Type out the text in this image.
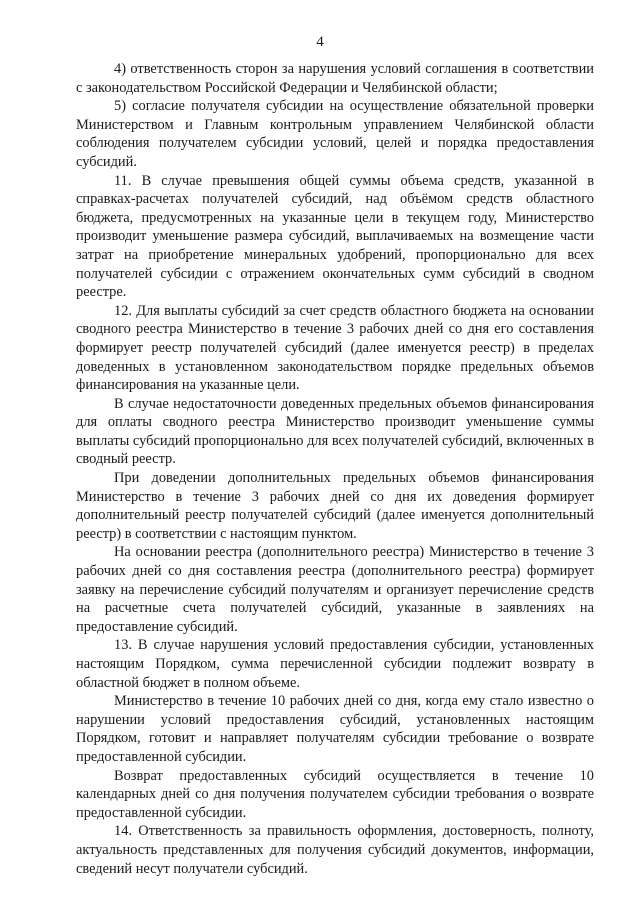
4

4) ответственность сторон за нарушения условий соглашения в соответствии с законодательством Российской Федерации и Челябинской области;

5) согласие получателя субсидии на осуществление обязательной проверки Министерством и Главным контрольным управлением Челябинской области соблюдения получателем субсидии условий, целей и порядка предоставления субсидий.

11. В случае превышения общей суммы объема средств, указанной в справках-расчетах получателей субсидий, над объёмом средств областного бюджета, предусмотренных на указанные цели в текущем году, Министерство производит уменьшение размера субсидий, выплачиваемых на возмещение части затрат на приобретение минеральных удобрений, пропорционально для всех получателей субсидии с отражением окончательных сумм субсидий в сводном реестре.

12. Для выплаты субсидий за счет средств областного бюджета на основании сводного реестра Министерство в течение 3 рабочих дней со дня его составления формирует реестр получателей субсидий (далее именуется реестр) в пределах доведенных в установленном законодательством порядке предельных объемов финансирования на указанные цели.

В случае недостаточности доведенных предельных объемов финансирования для оплаты сводного реестра Министерство производит уменьшение суммы выплаты субсидий пропорционально для всех получателей субсидий, включенных в сводный реестр.

При доведении дополнительных предельных объемов финансирования Министерство в течение 3 рабочих дней со дня их доведения формирует дополнительный реестр получателей субсидий (далее именуется дополнительный реестр) в соответствии с настоящим пунктом.

На основании реестра (дополнительного реестра) Министерство в течение 3 рабочих дней со дня составления реестра (дополнительного реестра) формирует заявку на перечисление субсидий получателям и организует перечисление средств на расчетные счета получателей субсидий, указанные в заявлениях на предоставление субсидий.

13. В случае нарушения условий предоставления субсидии, установленных настоящим Порядком, сумма перечисленной субсидии подлежит возврату в областной бюджет в полном объеме.

Министерство в течение 10 рабочих дней со дня, когда ему стало известно о нарушении условий предоставления субсидий, установленных настоящим Порядком, готовит и направляет получателям субсидии требование о возврате предоставленной субсидии.

Возврат предоставленных субсидий осуществляется в течение 10 календарных дней со дня получения получателем субсидии требования о возврате предоставленной субсидии.

14. Ответственность за правильность оформления, достоверность, полноту, актуальность представленных для получения субсидий документов, информации, сведений несут получатели субсидий.
